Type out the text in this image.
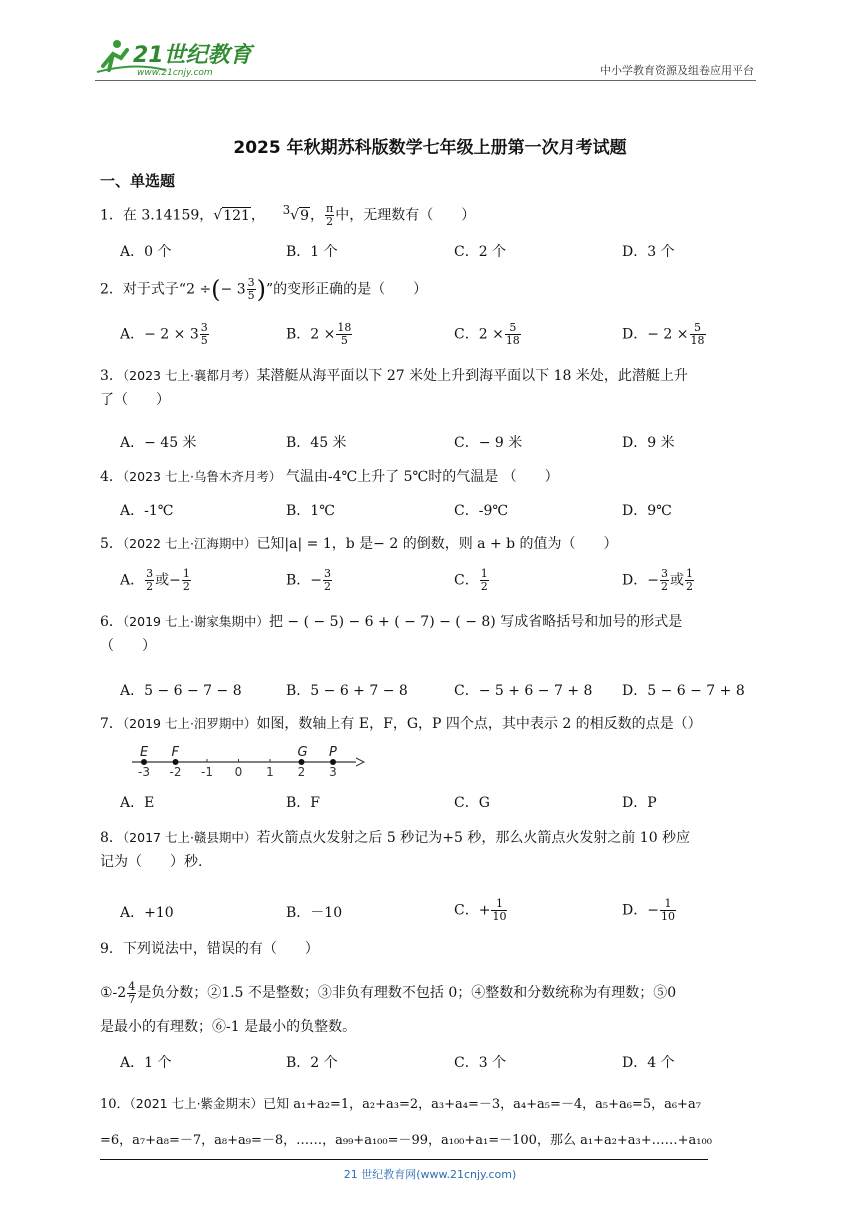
21世纪教育
www.21cnjy.com	中小学教育资源及组卷应用平台
2025 年秋期苏科版数学七年级上册第一次月考试题
一、单选题
1．在 3.14159，√121， $^3$√9， $\frac{\pi}{2}$ 中，无理数有（　　）
A．0 个	B．1 个	C．2 个	D．3 个
2．对于式子“2 ÷(− $3 \frac{3}{5}$ )”的变形正确的是（　　）
A．− $2 \times 3 \frac{3}{5}$	B．$2 \times \frac{18}{5}$	C．$2 \times \frac{5}{18}$	D．− $2 \times \frac{5}{18}$
3．（2023 七上·襄都月考）某潜艇从海平面以下 27 米处上升到海平面以下 18 米处，此潜艇上升
了（　　）
A．− 45 米	B．45 米	C．− 9 米	D．9 米
4．（2023 七上·乌鲁木齐月考） 气温由-4℃上升了 5℃时的气温是 （　　）
A．-1℃	B．1℃	C．-9℃	D．9℃
5．（2022 七上·江海期中）已知|a| = 1，b 是− 2 的倒数，则 a + b 的值为（　　）
A． $\frac{3}{2}$ 或− $\frac{1}{2}$	B．− $\frac{3}{2}$	C． $\frac{1}{2}$	D．− $\frac{3}{2}$ 或 $\frac{1}{2}$
6．（2019 七上·谢家集期中）把 − ( − 5) − 6 + ( − 7) − ( − 8) 写成省略括号和加号的形式是
（　　）
A．5 − 6 − 7 − 8	B．5 − 6 + 7 − 8	C．− 5 + 6 − 7 + 8 D．5 − 6 − 7 + 8
7．（2019 七上·汨罗期中）如图，数轴上有 E，F，G，P 四个点，其中表示 2 的相反数的点是（）
-3 -2 -1 0 1 2 3
E F	G P
A．E	B．F	C．G	D．P
8．（2017 七上·赣县期中）若火箭点火发射之后 5 秒记为+5 秒，那么火箭点火发射之前 10 秒应
记为（　　）秒.
A．+10	B．－10	C．+ $\frac{1}{10}$	D．− $\frac{1}{10}$
9．下列说法中，错误的有（　　）
①-2 $\frac{4}{7}$ 是负分数；②1.5 不是整数；③非负有理数不包括 0；④整数和分数统称为有理数；⑤0
是最小的有理数；⑥-1 是最小的负整数。
A．1 个	B．2 个	C．3 个	D．4 个
10．（2021 七上·紫金期末）已知 a₁+a₂=1，a₂+a₃=2，a₃+a₄=－3，a₄+a₅=－4，a₅+a₆=5，a₆+a₇
=6，a₇+a₈=－7，a₈+a₉=－8，……，a₉₉+a₁₀₀=－99，a₁₀₀+a₁=－100，那么 a₁+a₂+a₃+……+a₁₀₀
21 世纪教育网(www.21cnjy.com)
